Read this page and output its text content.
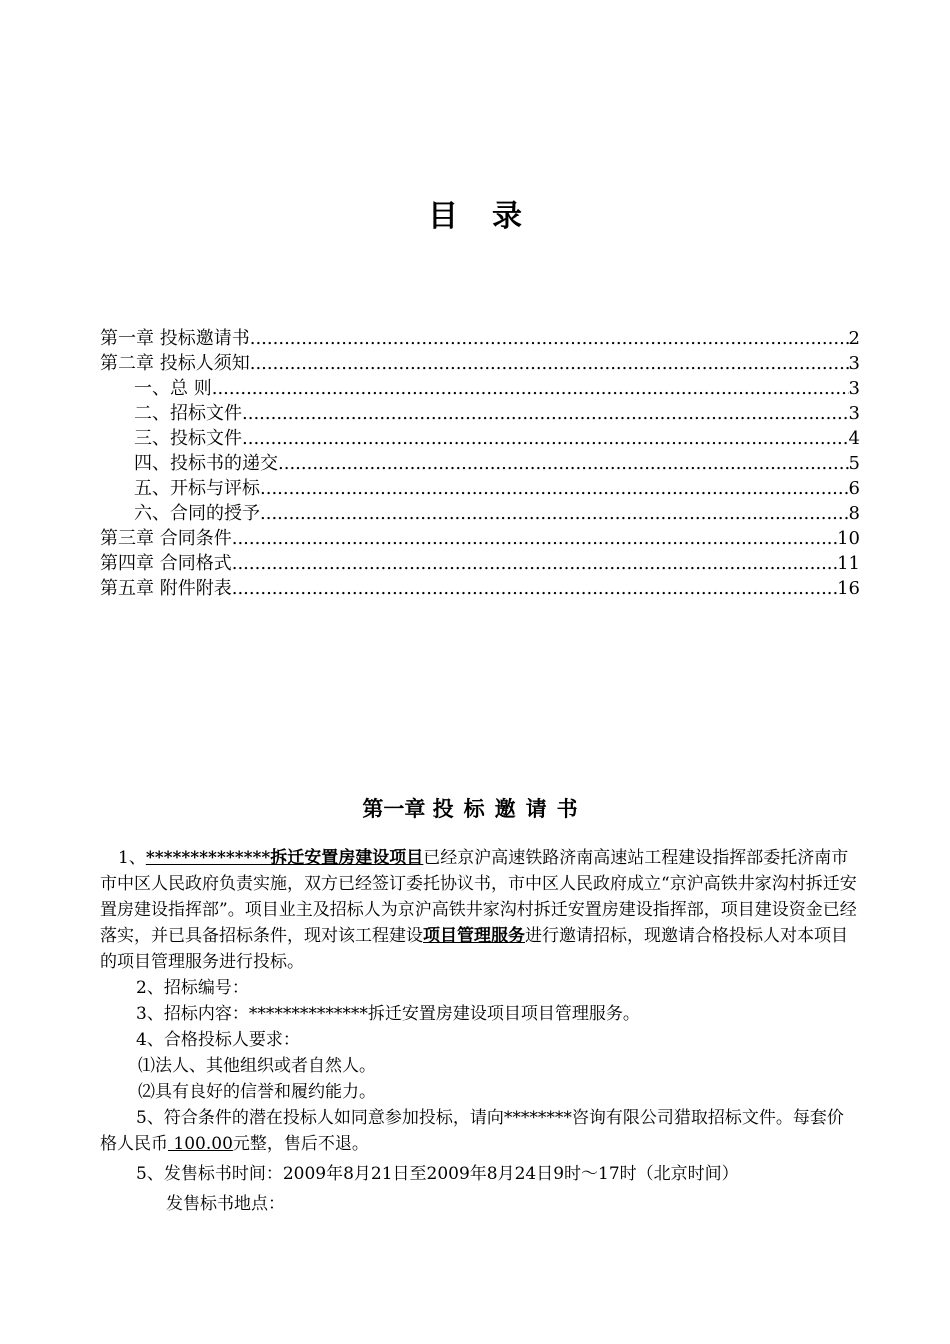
目录
第一章 投标邀请书 .....	2
第二章 投标人须知 .....	3
一、总 则 .....	3
二、招标文件 .....	3
三、投标文件 .....	4
四、投标书的递交 .....	5
五、开标与评标 .....	6
六、合同的授予 .....	8
第三章 合同条件 .....	10
第四章 合同格式 .....	11
第五章 附件附表 .....	16
第一章 投标邀请书

1、**************拆迁安置房建设项目已经京沪高速铁路济南高速站工程建设指挥部委托济南市市中区人民政府负责实施，双方已经签订委托协议书，市中区人民政府成立“京沪高铁井家沟村拆迁安置房建设指挥部”。项目业主及招标人为京沪高铁井家沟村拆迁安置房建设指挥部，项目建设资金已经落实，并已具备招标条件，现对该工程建设项目管理服务进行邀请招标，现邀请合格投标人对本项目的项目管理服务进行投标。

2、招标编号：

3、招标内容：**************拆迁安置房建设项目项目管理服务。

4、合格投标人要求：

⑴法人、其他组织或者自然人。

⑵具有良好的信誉和履约能力。

5、符合条件的潜在投标人如同意参加投标，请向********咨询有限公司猎取招标文件。每套价格人民币 100.00元整，售后不退。

5、发售标书时间：2009年8月21日至2009年8月24日9时～17时（北京时间）

发售标书地点：
